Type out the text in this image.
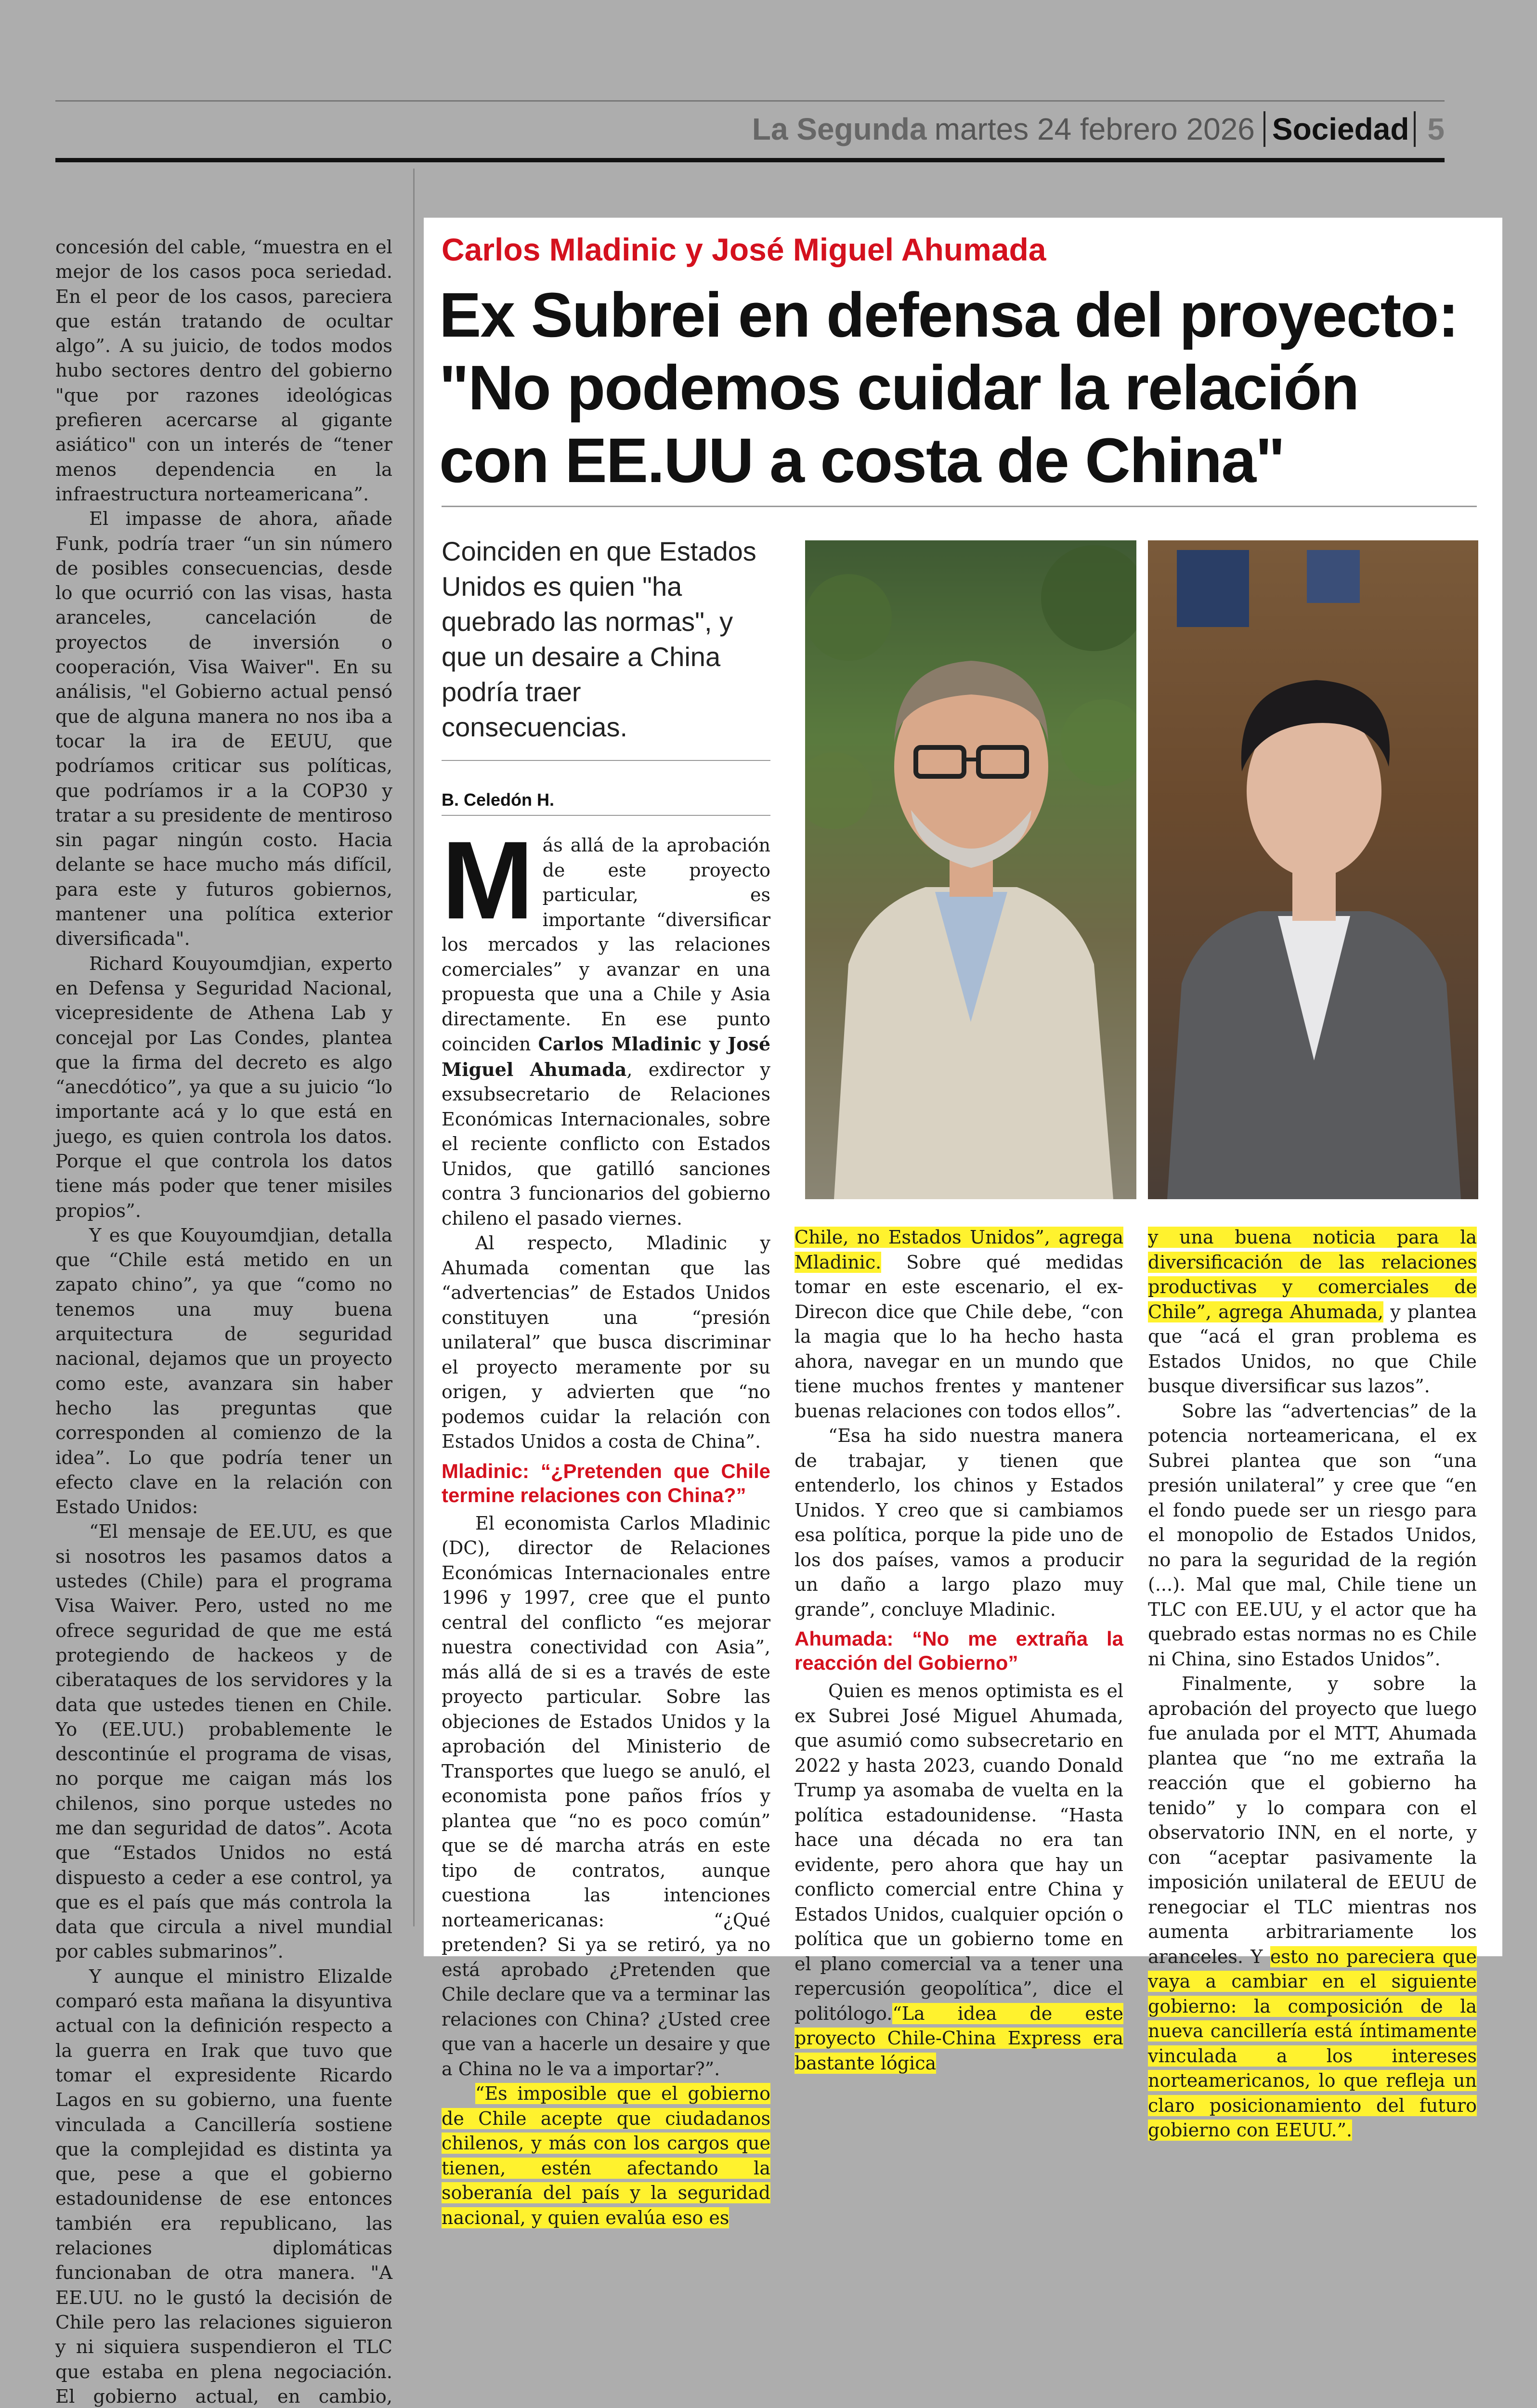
La Segunda martes 24 febrero 2026 Sociedad 5

concesión del cable, “muestra en el mejor de los casos poca seriedad. En el peor de los casos, pareciera que están tratando de ocultar algo”. A su juicio, de todos modos hubo sectores dentro del gobierno "que por razones ideológicas prefieren acercarse al gigante asiático" con un interés de “tener menos dependencia en la infraestructura norteamericana”.

El impasse de ahora, añade Funk, podría traer “un sin número de posibles consecuencias, desde lo que ocurrió con las visas, hasta aranceles, cancelación de proyectos de inversión o cooperación, Visa Waiver". En su análisis, "el Gobierno actual pensó que de alguna manera no nos iba a tocar la ira de EEUU, que podríamos criticar sus políticas, que podríamos ir a la COP30 y tratar a su presidente de mentiroso sin pagar ningún costo. Hacia delante se hace mucho más difícil, para este y futuros gobiernos, mantener una política exterior diversificada".

Richard Kouyoumdjian, experto en Defensa y Seguridad Nacional, vicepresidente de Athena Lab y concejal por Las Condes, plantea que la firma del decreto es algo “anecdótico”, ya que a su juicio “lo importante acá y lo que está en juego, es quien controla los datos. Porque el que controla los datos tiene más poder que tener misiles propios”.

Y es que Kouyoumdjian, detalla que “Chile está metido en un zapato chino”, ya que “como no tenemos una muy buena arquitectura de seguridad nacional, dejamos que un proyecto como este, avanzara sin haber hecho las preguntas que corresponden al comienzo de la idea”. Lo que podría tener un efecto clave en la relación con Estado Unidos:

“El mensaje de EE.UU, es que si nosotros les pasamos datos a ustedes (Chile) para el programa Visa Waiver. Pero, usted no me ofrece seguridad de que me está protegiendo de hackeos y de ciberataques de los servidores y la data que ustedes tienen en Chile. Yo (EE.UU.) probablemente le descontinúe el programa de visas, no porque me caigan más los chilenos, sino porque ustedes no me dan seguridad de datos”. Acota que “Estados Unidos no está dispuesto a ceder a ese control, ya que es el país que más controla la data que circula a nivel mundial por cables submarinos”.

Y aunque el ministro Elizalde comparó esta mañana la disyuntiva actual con la definición respecto a la guerra en Irak que tuvo que tomar el expresidente Ricardo Lagos en su gobierno, una fuente vinculada a Cancillería sostiene que la complejidad es distinta ya que, pese a que el gobierno estadounidense de ese entonces también era republicano, las relaciones diplomáticas funcionaban de otra manera. "A EE.UU. no le gustó la decisión de Chile pero las relaciones siguieron y ni siquiera suspendieron el TLC que estaba en plena negociación. El gobierno actual, en cambio,

Carlos Mladinic y José Miguel Ahumada
Ex Subrei en defensa del proyecto:
"No podemos cuidar la relación
con EE.UU a costa de China"
Coinciden en que Estados Unidos es quien "ha quebrado las normas", y que un desaire a China podría traer consecuencias.
B. Celedón H.

Más allá de la aprobación de este proyecto particular, es importante “diversificar los mercados y las relaciones comerciales” y avanzar en una propuesta que una a Chile y Asia directamente. En ese punto coinciden Carlos Mladinic y José Miguel Ahumada, exdirector y exsubsecretario de Relaciones Económicas Internacionales, sobre el reciente conflicto con Estados Unidos, que gatilló sanciones contra 3 funcionarios del gobierno chileno el pasado viernes.

Al respecto, Mladinic y Ahumada comentan que las “advertencias” de Estados Unidos constituyen una “presión unilateral” que busca discriminar el proyecto meramente por su origen, y advierten que “no podemos cuidar la relación con Estados Unidos a costa de China”.

Mladinic: “¿Pretenden que Chile termine relaciones con China?”

El economista Carlos Mladinic (DC), director de Relaciones Económicas Internacionales entre 1996 y 1997, cree que el punto central del conflicto “es mejorar nuestra conectividad con Asia”, más allá de si es a través de este proyecto particular. Sobre las objeciones de Estados Unidos y la aprobación del Ministerio de Transportes que luego se anuló, el economista pone paños fríos y plantea que “no es poco común” que se dé marcha atrás en este tipo de contratos, aunque cuestiona las intenciones norteamericanas: “¿Qué pretenden? Si ya se retiró, ya no está aprobado ¿Pretenden que Chile declare que va a terminar las relaciones con China? ¿Usted cree que van a hacerle un desaire y que a China no le va a importar?”.

“Es imposible que el gobierno de Chile acepte que ciudadanos chilenos, y más con los cargos que tienen, estén afectando la soberanía del país y la seguridad nacional, y quien evalúa eso es

Chile, no Estados Unidos”, agrega Mladinic. Sobre qué medidas tomar en este escenario, el ex-Direcon dice que Chile debe, “con la magia que lo ha hecho hasta ahora, navegar en un mundo que tiene muchos frentes y mantener buenas relaciones con todos ellos”.

“Esa ha sido nuestra manera de trabajar, y tienen que entenderlo, los chinos y Estados Unidos. Y creo que si cambiamos esa política, porque la pide uno de los dos países, vamos a producir un daño a largo plazo muy grande”, concluye Mladinic.

Ahumada: “No me extraña la reacción del Gobierno”

Quien es menos optimista es el ex Subrei José Miguel Ahumada, que asumió como subsecretario en 2022 y hasta 2023, cuando Donald Trump ya asomaba de vuelta en la política estadounidense. “Hasta hace una década no era tan evidente, pero ahora que hay un conflicto comercial entre China y Estados Unidos, cualquier opción o política que un gobierno tome en el plano comercial va a tener una repercusión geopolítica”, dice el politólogo.“La idea de este proyecto Chile-China Express era bastante lógica

y una buena noticia para la diversificación de las relaciones productivas y comerciales de Chile”, agrega Ahumada, y plantea que “acá el gran problema es Estados Unidos, no que Chile busque diversificar sus lazos”.

Sobre las “advertencias” de la potencia norteamericana, el ex Subrei plantea que son “una presión unilateral” y cree que “en el fondo puede ser un riesgo para el monopolio de Estados Unidos, no para la seguridad de la región (...). Mal que mal, Chile tiene un TLC con EE.UU, y el actor que ha quebrado estas normas no es Chile ni China, sino Estados Unidos”.

Finalmente, y sobre la aprobación del proyecto que luego fue anulada por el MTT, Ahumada plantea que “no me extraña la reacción que el gobierno ha tenido” y lo compara con el observatorio INN, en el norte, y con “aceptar pasivamente la imposición unilateral de EEUU de renegociar el TLC mientras nos aumenta arbitrariamente los aranceles. Y esto no pareciera que vaya a cambiar en el siguiente gobierno: la composición de la nueva cancillería está íntimamente vinculada a los intereses norteamericanos, lo que refleja un claro posicionamiento del futuro gobierno con EEUU.”.
